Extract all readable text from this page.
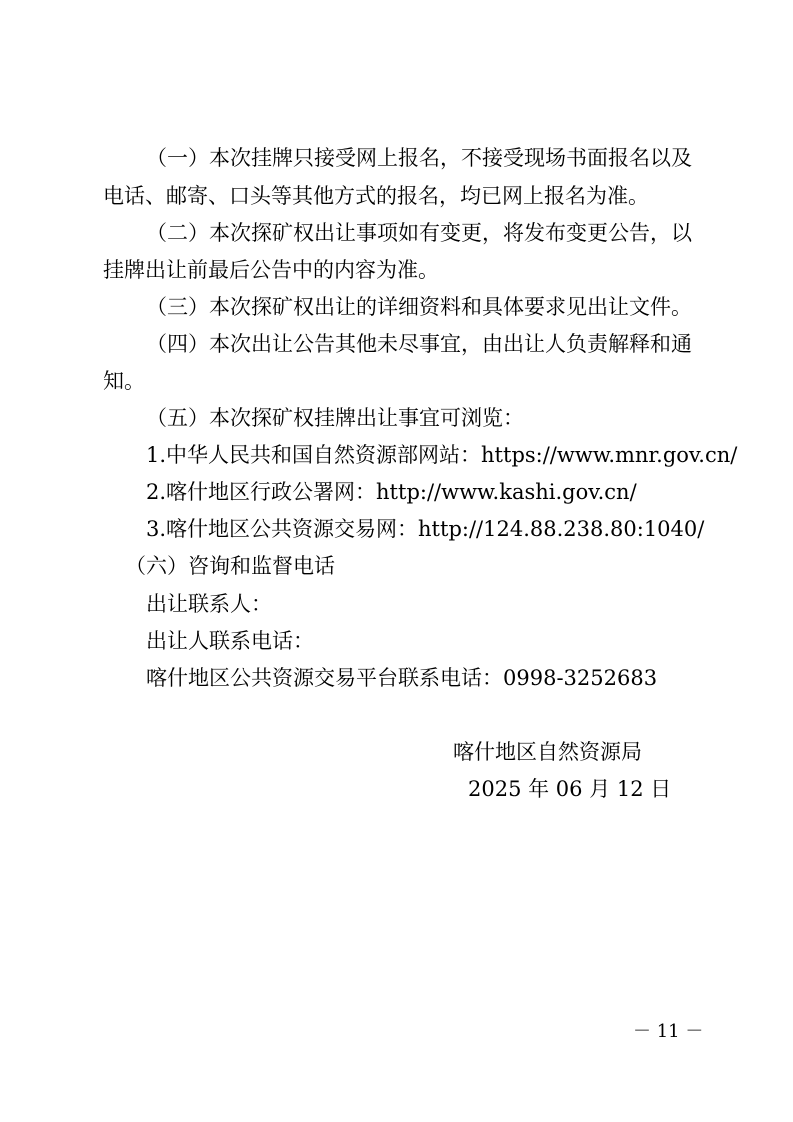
（一）本次挂牌只接受网上报名，不接受现场书面报名以及

电话、邮寄、口头等其他方式的报名，均已网上报名为准。

（二）本次探矿权出让事项如有变更，将发布变更公告，以

挂牌出让前最后公告中的内容为准。

（三）本次探矿权出让的详细资料和具体要求见出让文件。

（四）本次出让公告其他未尽事宜，由出让人负责解释和通

知。

（五）本次探矿权挂牌出让事宜可浏览：

1.中华人民共和国自然资源部网站：https://www.mnr.gov.cn/

2.喀什地区行政公署网：http://www.kashi.gov.cn/

3.喀什地区公共资源交易网：http://124.88.238.80:1040/

（六）咨询和监督电话

出让联系人：

出让人联系电话：

喀什地区公共资源交易平台联系电话：0998-3252683

喀什地区自然资源局

2025 年 06 月 12 日

－ 11 －
